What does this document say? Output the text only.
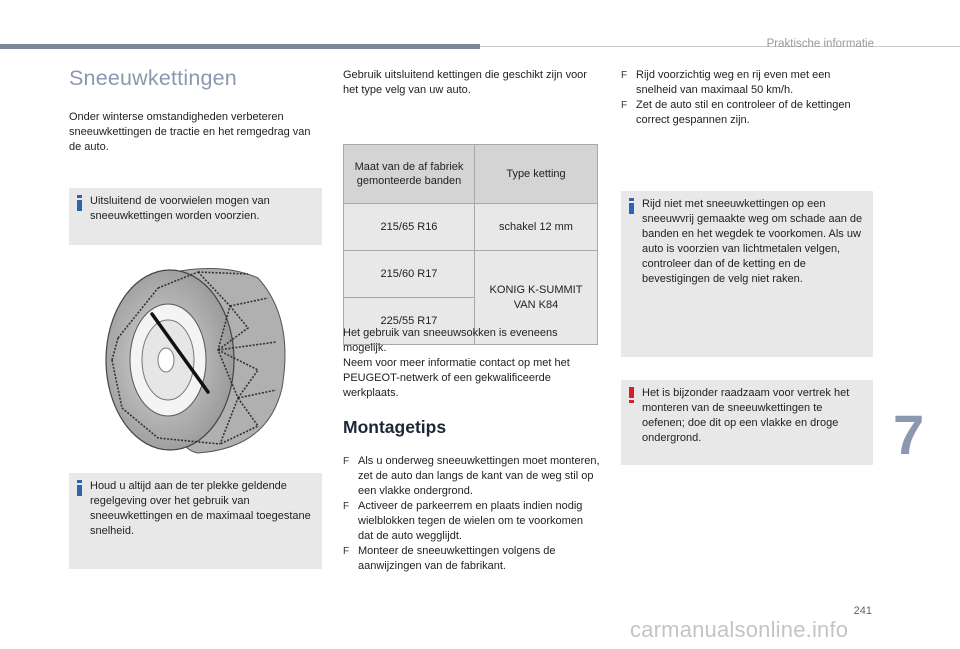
Praktische informatie
Sneeuwkettingen

Onder winterse omstandigheden verbeteren sneeuwkettingen de tractie en het remgedrag van de auto.

Uitsluitend de voorwielen mogen van sneeuwkettingen worden voorzien.

Houd u altijd aan de ter plekke geldende regelgeving over het gebruik van sneeuwkettingen en de maximaal toegestane snelheid.

Gebruik uitsluitend kettingen die geschikt zijn voor het type velg van uw auto.

Maat van de af fabriek gemonteerde banden	Type ketting
215/65 R16	schakel 12 mm
215/60 R17	KONIG K-SUMMIT VAN K84
225/55 R17	

Het gebruik van sneeuwsokken is eveneens mogelijk.
Neem voor meer informatie contact op met het PEUGEOT-netwerk of een gekwalificeerde werkplaats.

Montagetips
F Als u onderweg sneeuwkettingen moet monteren, zet de auto dan langs de kant van de weg stil op een vlakke ondergrond.
F Activeer de parkeerrem en plaats indien nodig wielblokken tegen de wielen om te voorkomen dat de auto wegglijdt.
F Monteer de sneeuwkettingen volgens de aanwijzingen van de fabrikant.
F Rijd voorzichtig weg en rij even met een snelheid van maximaal 50 km/h.
F Zet de auto stil en controleer of de kettingen correct gespannen zijn.

Rijd niet met sneeuwkettingen op een sneeuwvrij gemaakte weg om schade aan de banden en het wegdek te voorkomen. Als uw auto is voorzien van lichtmetalen velgen, controleer dan of de ketting en de bevestigingen de velg niet raken.

Het is bijzonder raadzaam voor vertrek het monteren van de sneeuwkettingen te oefenen; doe dit op een vlakke en droge ondergrond.	7
241
carmanualsonline.info
